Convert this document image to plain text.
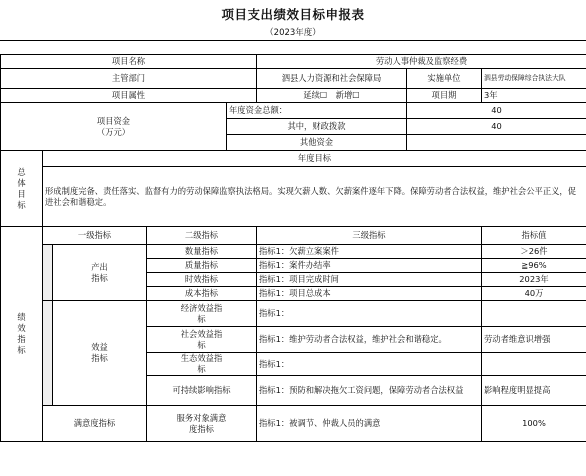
项目支出绩效目标申报表
（2023年度）
项目名称					劳动人事仲裁及监察经费		
主管部门					泗县人力资源和社会保障局	实施单位	泗县劳动保障综合执法大队
项目属性					延续☐　新增☐	项目期	3年

项目资金
（万元）				年度资金总额：		40	
				其中，财政拨款		40	
				其他资金			
总体目标	年度目标						
	形成制度完备、责任落实、监督有力的劳动保障监察执法格局。实现欠薪人数、欠薪案件逐年下降。保障劳动者合法权益，维护社会公平正义，促进社会和谐稳定。						
绩效指标	一级指标		二级指标		三级指标		指标值
		产出指标	数量指标		指标1：欠薪立案案件		＞26件
			质量指标		指标1：案件办结率		≧96%
			时效指标		指标1：项目完成时间		2023年
			成本指标		指标1：项目总成本		40万
		效益指标	经济效益指标		指标1：		
			社会效益指标		指标1：维护劳动者合法权益，维护社会和谐稳定。		劳动者维意识增强
			生态效益指标		指标1：		
			可持续影响指标		指标1：预防和解决拖欠工资问题，保障劳动者合法权益		影响程度明显提高
	满意度指标		服务对象满意度指标		指标1：被调节、仲裁人员的满意		100%
